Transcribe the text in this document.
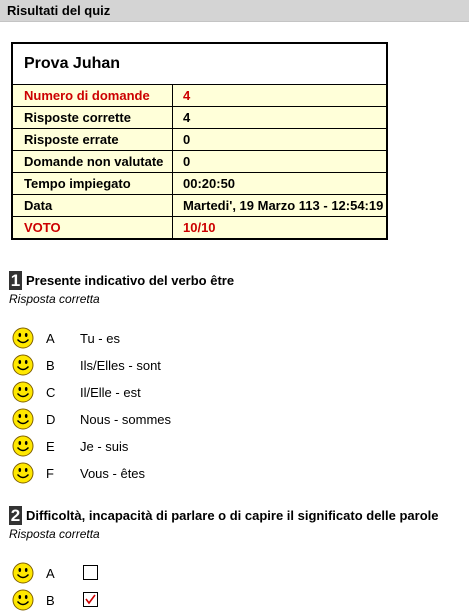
Risultati del quiz
Prova Juhan	
Numero di domande	4
Risposte corrette	4
Risposte errate	0
Domande non valutate	0
Tempo impiegato	00:20:50
Data	Martedi', 19 Marzo 113 - 12:54:19
VOTO	10/10
1 Presente indicativo del verbo être
Risposta corretta
A Tu - es
B Ils/Elles - sont
C Il/Elle - est
D Nous - sommes
E Je - suis
F Vous - êtes
2 Difficoltà, incapacità di parlare o di capire il significato delle parole
Risposta corretta
A
B
